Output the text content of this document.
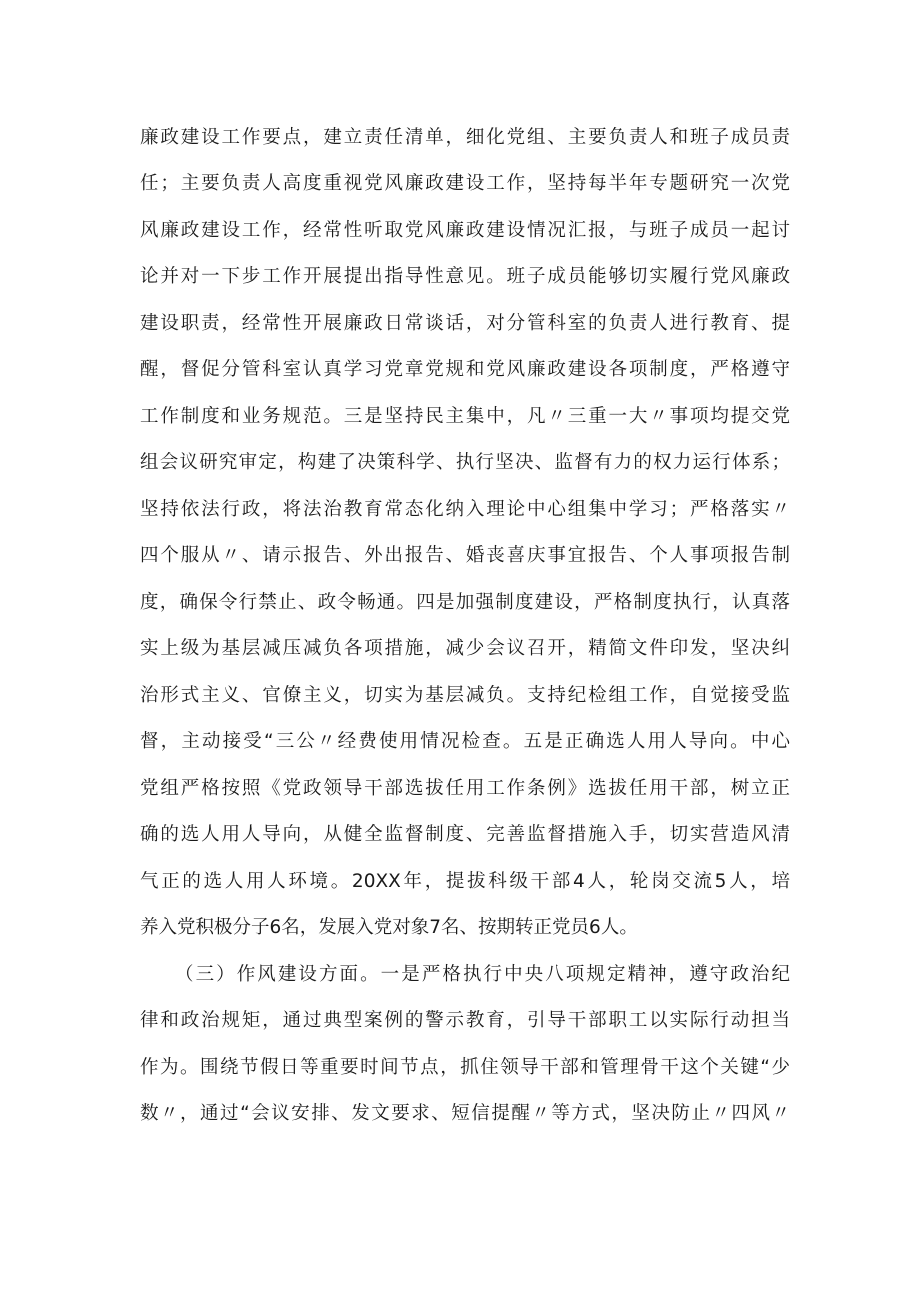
廉政建设工作要点，建立责任清单，细化党组、主要负责人和班子成员责
任；主要负责人高度重视党风廉政建设工作，坚持每半年专题研究一次党
风廉政建设工作，经常性听取党风廉政建设情况汇报，与班子成员一起讨
论并对一下步工作开展提出指导性意见。班子成员能够切实履行党风廉政
建设职责，经常性开展廉政日常谈话，对分管科室的负责人进行教育、提
醒，督促分管科室认真学习党章党规和党风廉政建设各项制度，严格遵守
工作制度和业务规范。三是坚持民主集中，凡〃三重一大〃事项均提交党
组会议研究审定，构建了决策科学、执行坚决、监督有力的权力运行体系；
坚持依法行政，将法治教育常态化纳入理论中心组集中学习；严格落实〃
四个服从〃、请示报告、外出报告、婚丧喜庆事宜报告、个人事项报告制
度，确保令行禁止、政令畅通。四是加强制度建设，严格制度执行，认真落
实上级为基层减压减负各项措施，减少会议召开，精简文件印发，坚决纠
治形式主义、官僚主义，切实为基层减负。支持纪检组工作，自觉接受监
督，主动接受“三公〃经费使用情况检查。五是正确选人用人导向。中心
党组严格按照《党政领导干部选拔任用工作条例》选拔任用干部，树立正
确的选人用人导向，从健全监督制度、完善监督措施入手，切实营造风清
气正的选人用人环境。20XX年，提拔科级干部4人，轮岗交流5人，培
养入党积极分子6名，发展入党对象7名、按期转正党员6人。
（三）作风建设方面。一是严格执行中央八项规定精神，遵守政治纪
律和政治规矩，通过典型案例的警示教育，引导干部职工以实际行动担当
作为。围绕节假日等重要时间节点，抓住领导干部和管理骨干这个关键“少
数〃，通过“会议安排、发文要求、短信提醒〃等方式，坚决防止〃四风〃
